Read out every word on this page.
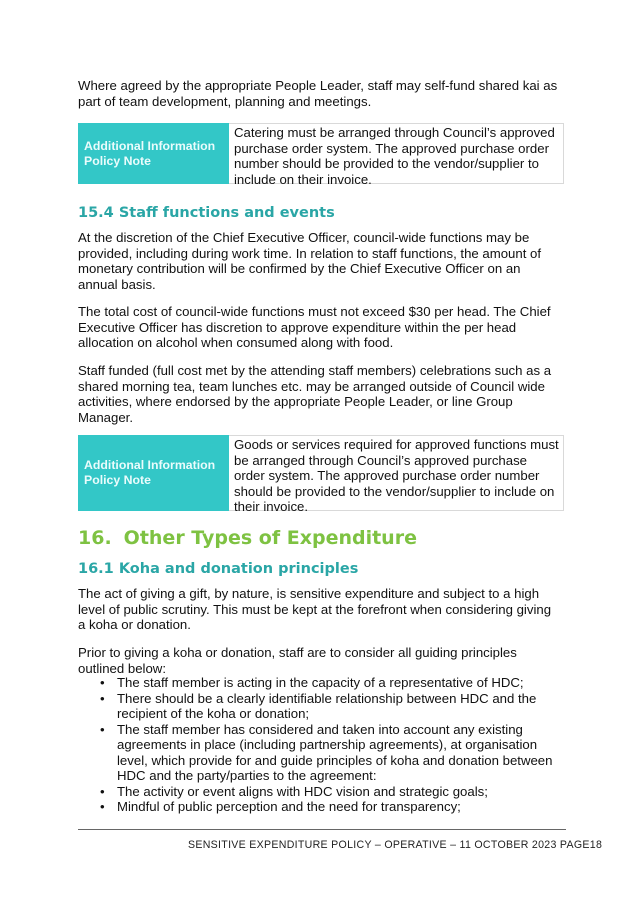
Where agreed by the appropriate People Leader, staff may self-fund shared kai as part of team development, planning and meetings.

Additional Information
Policy Note
Catering must be arranged through Council’s approved purchase order system. The approved purchase order number should be provided to the vendor/supplier to include on their invoice.
15.4 Staff functions and events

At the discretion of the Chief Executive Officer, council-wide functions may be provided, including during work time. In relation to staff functions, the amount of monetary contribution will be confirmed by the Chief Executive Officer on an annual basis.

The total cost of council-wide functions must not exceed $30 per head. The Chief Executive Officer has discretion to approve expenditure within the per head allocation on alcohol when consumed along with food.

Staff funded (full cost met by the attending staff members) celebrations such as a shared morning tea, team lunches etc. may be arranged outside of Council wide activities, where endorsed by the appropriate People Leader, or line Group Manager.

Additional Information
Policy Note
Goods or services required for approved functions must be arranged through Council’s approved purchase order system. The approved purchase order number should be provided to the vendor/supplier to include on their invoice.
16. Other Types of Expenditure
16.1 Koha and donation principles

The act of giving a gift, by nature, is sensitive expenditure and subject to a high level of public scrutiny. This must be kept at the forefront when considering giving a koha or donation.

Prior to giving a koha or donation, staff are to consider all guiding principles outlined below:

• The staff member is acting in the capacity of a representative of HDC;
• There should be a clearly identifiable relationship between HDC and the recipient of the koha or donation;
• The staff member has considered and taken into account any existing agreements in place (including partnership agreements), at organisation level, which provide for and guide principles of koha and donation between HDC and the party/parties to the agreement:
• The activity or event aligns with HDC vision and strategic goals;
• Mindful of public perception and the need for transparency;
SENSITIVE EXPENDITURE POLICY – OPERATIVE – 11 OCTOBER 2023 PAGE18
